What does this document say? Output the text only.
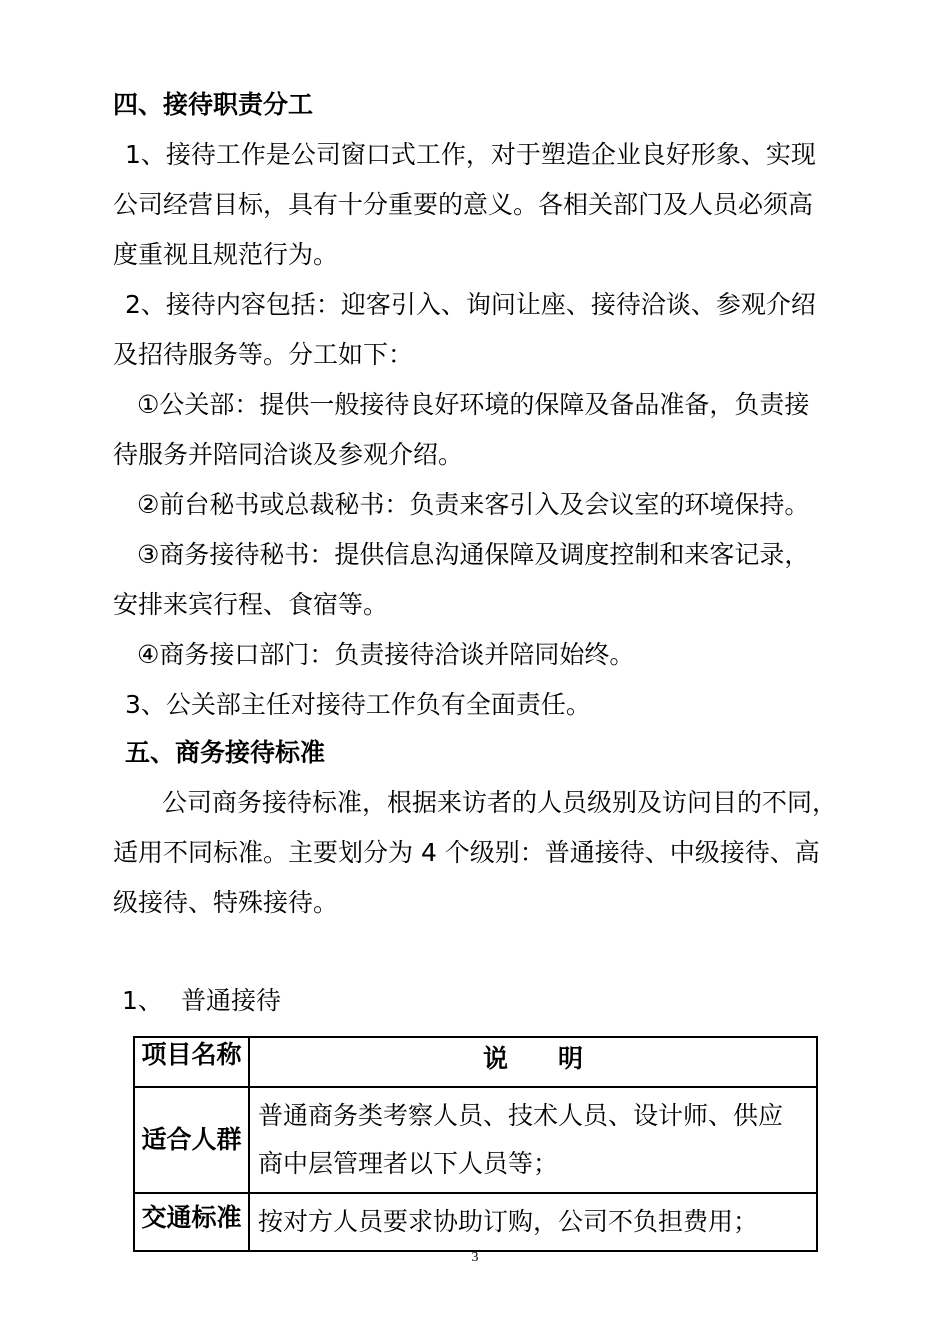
四、接待职责分工
1、接待工作是公司窗口式工作，对于塑造企业良好形象、实现
公司经营目标，具有十分重要的意义。各相关部门及人员必须高
度重视且规范行为。
2、接待内容包括：迎客引入、询问让座、接待洽谈、参观介绍
及招待服务等。分工如下：
①公关部：提供一般接待良好环境的保障及备品准备，负责接
待服务并陪同洽谈及参观介绍。
②前台秘书或总裁秘书：负责来客引入及会议室的环境保持。
③商务接待秘书：提供信息沟通保障及调度控制和来客记录，
安排来宾行程、食宿等。
④商务接口部门：负责接待洽谈并陪同始终。
3、公关部主任对接待工作负有全面责任。
五、商务接待标准
公司商务接待标准，根据来访者的人员级别及访问目的不同，
适用不同标准。主要划分为 4 个级别：普通接待、中级接待、高
级接待、特殊接待。
1、 普通接待
项目名称	说　　明
适合人群	普通商务类考察人员、技术人员、设计师、供应
商中层管理者以下人员等；

交通标准	按对方人员要求协助订购，公司不负担费用；
3
